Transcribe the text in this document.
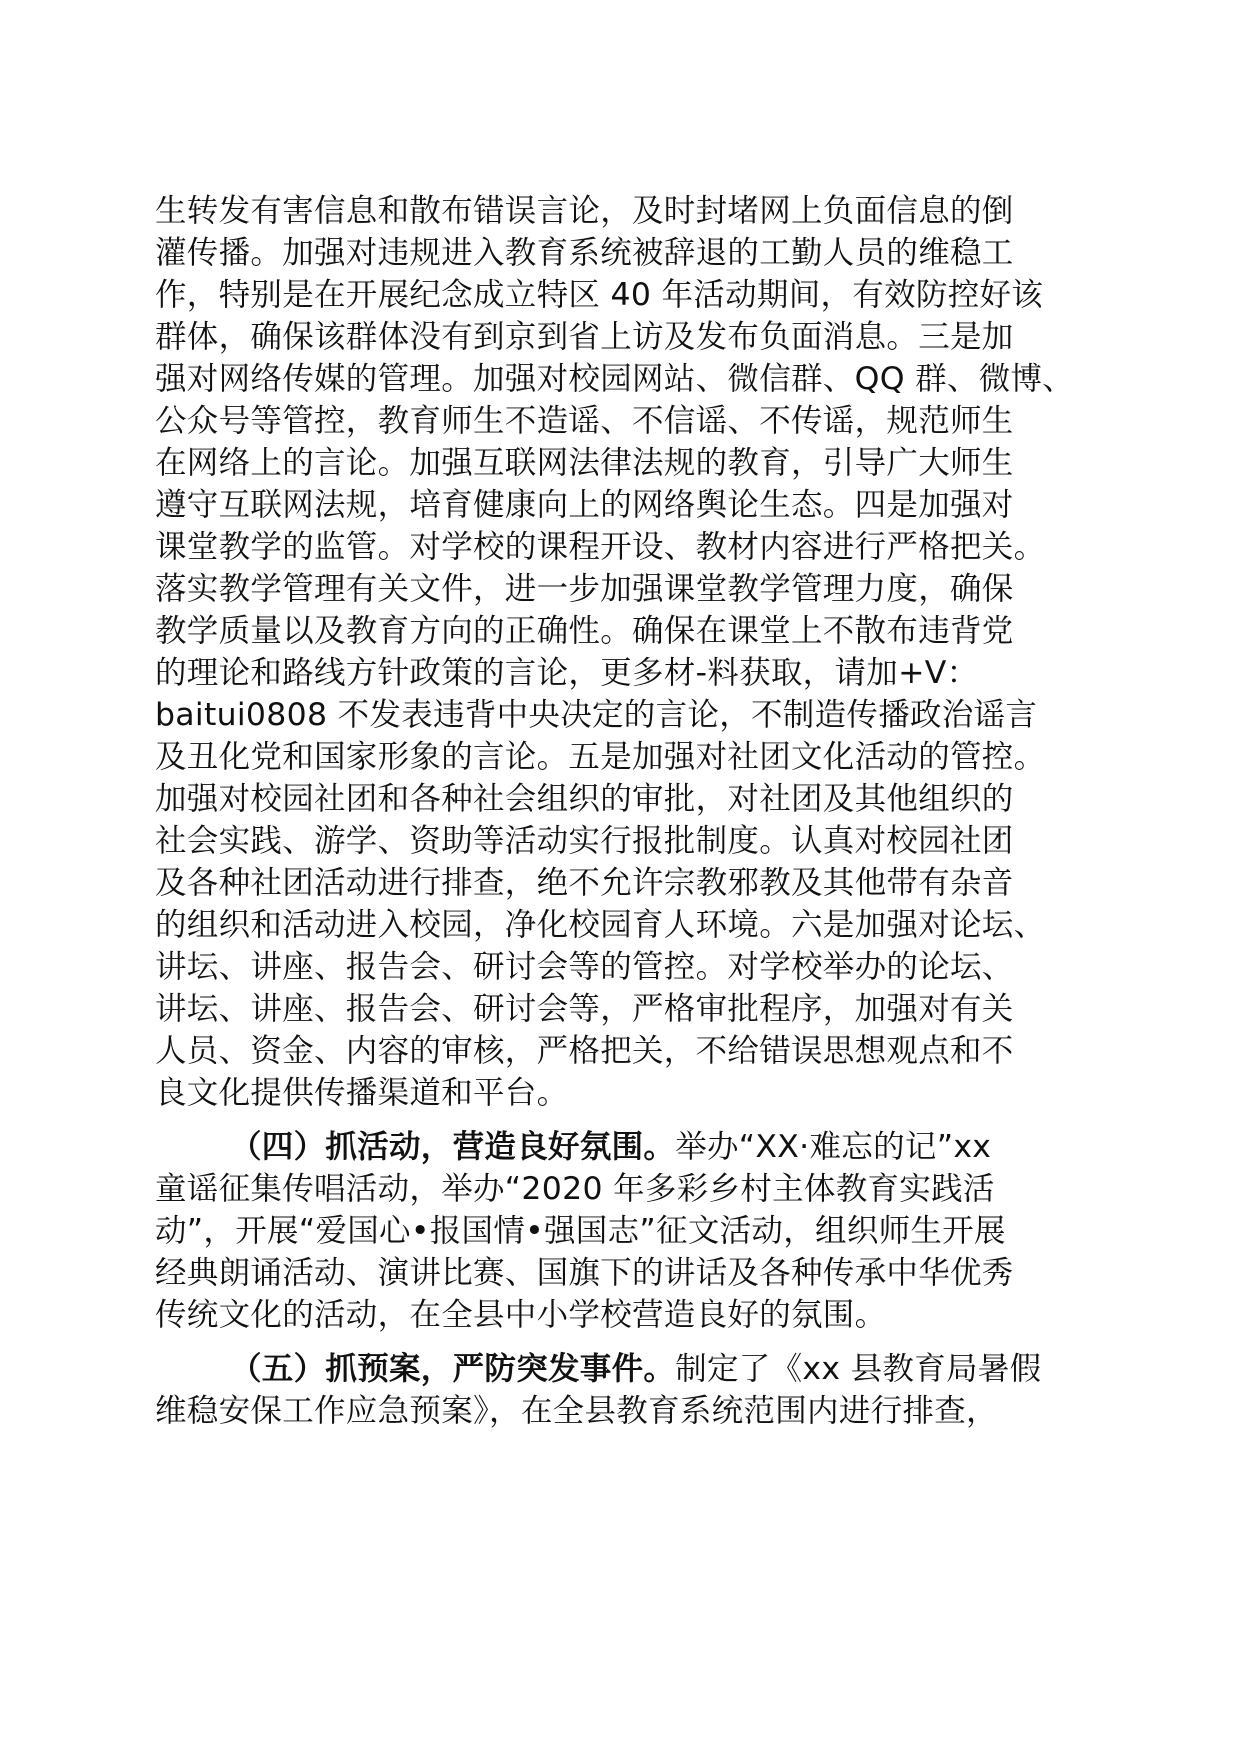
生转发有害信息和散布错误言论，及时封堵网上负面信息的倒
灌传播。加强对违规进入教育系统被辞退的工勤人员的维稳工
作，特别是在开展纪念成立特区 40 年活动期间，有效防控好该
群体，确保该群体没有到京到省上访及发布负面消息。三是加
强对网络传媒的管理。加强对校园网站、微信群、QQ 群、微博、
公众号等管控，教育师生不造谣、不信谣、不传谣，规范师生
在网络上的言论。加强互联网法律法规的教育，引导广大师生
遵守互联网法规，培育健康向上的网络舆论生态。四是加强对
课堂教学的监管。对学校的课程开设、教材内容进行严格把关。
落实教学管理有关文件，进一步加强课堂教学管理力度，确保
教学质量以及教育方向的正确性。确保在课堂上不散布违背党
的理论和路线方针政策的言论，更多材-料获取，请加+V：
baitui0808 不发表违背中央决定的言论，不制造传播政治谣言
及丑化党和国家形象的言论。五是加强对社团文化活动的管控。
加强对校园社团和各种社会组织的审批，对社团及其他组织的
社会实践、游学、资助等活动实行报批制度。认真对校园社团
及各种社团活动进行排查，绝不允许宗教邪教及其他带有杂音
的组织和活动进入校园，净化校园育人环境。六是加强对论坛、
讲坛、讲座、报告会、研讨会等的管控。对学校举办的论坛、
讲坛、讲座、报告会、研讨会等，严格审批程序，加强对有关
人员、资金、内容的审核，严格把关，不给错误思想观点和不
良文化提供传播渠道和平台。
（四）抓活动，营造良好氛围。举办“XX·难忘的记”xx
童谣征集传唱活动，举办“2020 年多彩乡村主体教育实践活
动”，开展“爱国心•报国情•强国志”征文活动，组织师生开展
经典朗诵活动、演讲比赛、国旗下的讲话及各种传承中华优秀
传统文化的活动，在全县中小学校营造良好的氛围。
（五）抓预案，严防突发事件。制定了《xx 县教育局暑假
维稳安保工作应急预案》，在全县教育系统范围内进行排查，
